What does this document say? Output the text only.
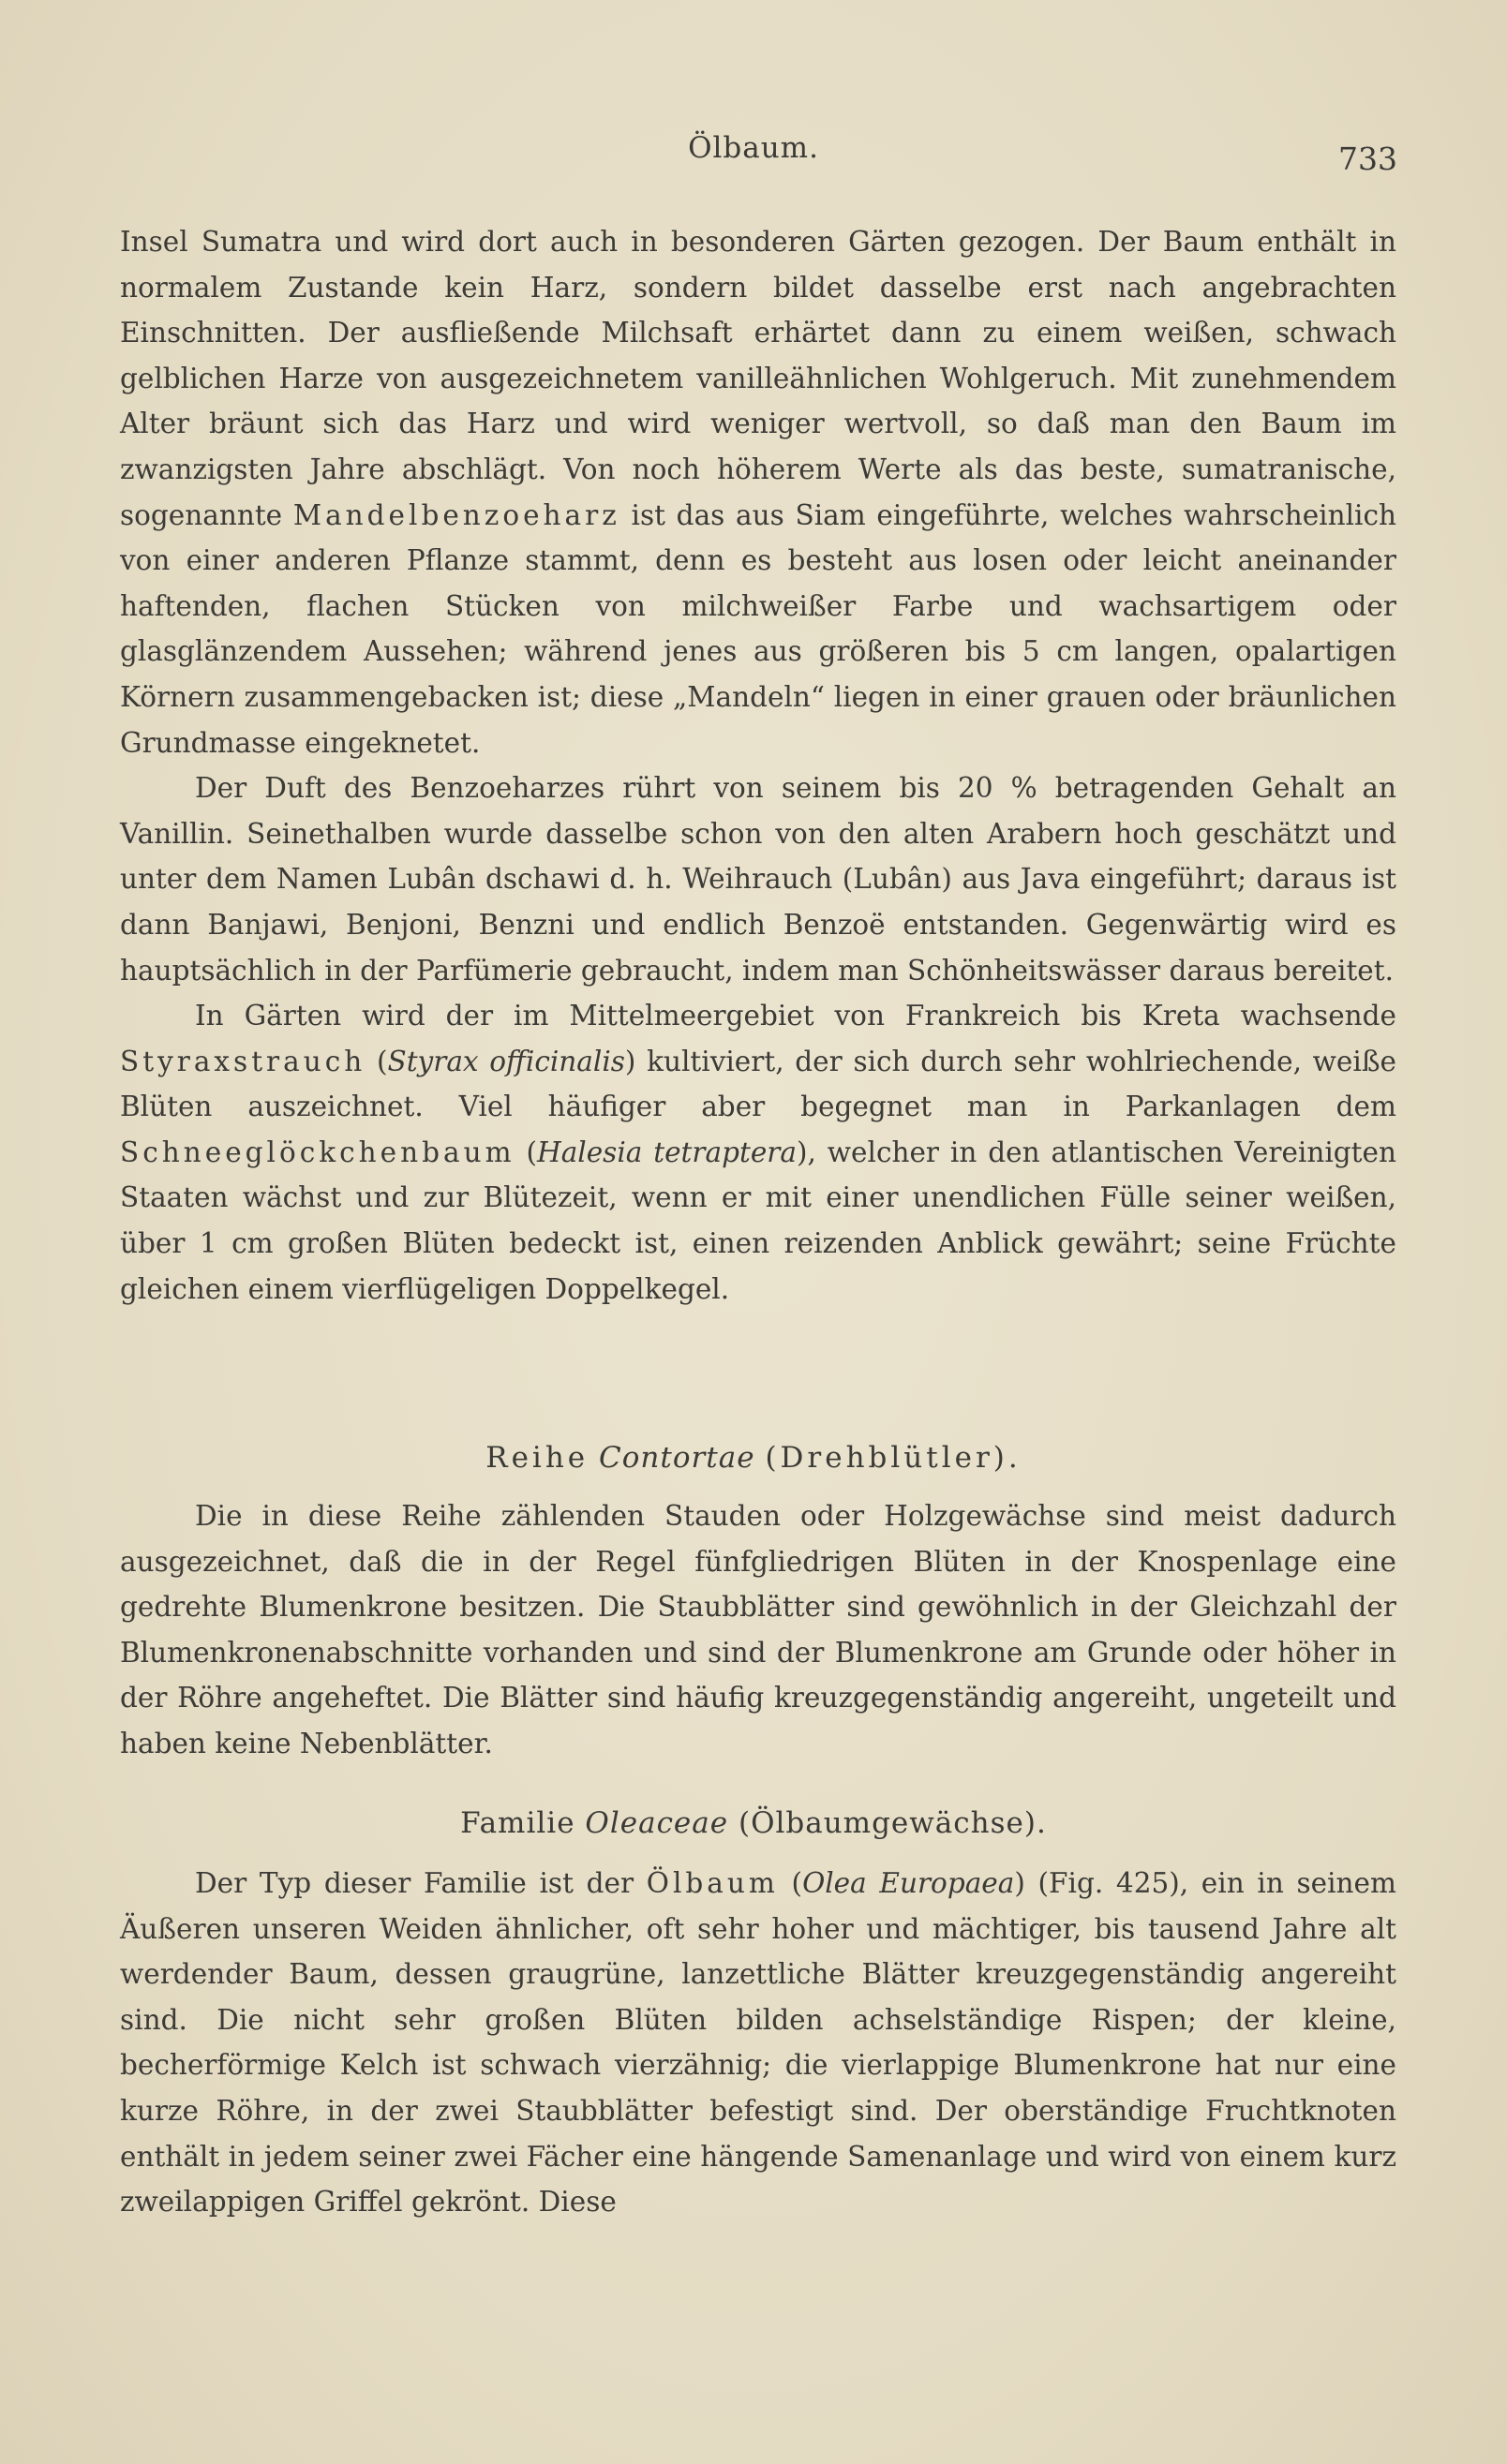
Ölbaum.	733

Insel Sumatra und wird dort auch in besonderen Gärten gezogen. Der Baum enthält in normalem Zustande kein Harz, sondern bildet dasselbe erst nach angebrachten Einschnitten. Der ausfließende Milchsaft erhärtet dann zu einem weißen, schwach gelblichen Harze von ausgezeichnetem vanilleähnlichen Wohlgeruch. Mit zunehmendem Alter bräunt sich das Harz und wird weniger wertvoll, so daß man den Baum im zwanzigsten Jahre abschlägt. Von noch höherem Werte als das beste, sumatranische, sogenannte Mandelbenzoeharz ist das aus Siam eingeführte, welches wahrscheinlich von einer anderen Pflanze stammt, denn es besteht aus losen oder leicht aneinander haftenden, flachen Stücken von milchweißer Farbe und wachsartigem oder glasglänzendem Aussehen; während jenes aus größeren bis 5 cm langen, opalartigen Körnern zusammengebacken ist; diese „Mandeln“ liegen in einer grauen oder bräunlichen Grundmasse eingeknetet.

Der Duft des Benzoeharzes rührt von seinem bis 20 % betragenden Gehalt an Vanillin. Seinethalben wurde dasselbe schon von den alten Arabern hoch geschätzt und unter dem Namen Lubân dschawi d. h. Weihrauch (Lubân) aus Java eingeführt; daraus ist dann Banjawi, Benjoni, Benzni und endlich Benzoë entstanden. Gegenwärtig wird es hauptsächlich in der Parfümerie gebraucht, indem man Schönheitswässer daraus bereitet.

In Gärten wird der im Mittelmeergebiet von Frankreich bis Kreta wachsende Styraxstrauch (Styrax officinalis) kultiviert, der sich durch sehr wohlriechende, weiße Blüten auszeichnet. Viel häufiger aber begegnet man in Parkanlagen dem Schneeglöckchenbaum (Halesia tetraptera), welcher in den atlantischen Vereinigten Staaten wächst und zur Blütezeit, wenn er mit einer unendlichen Fülle seiner weißen, über 1 cm großen Blüten bedeckt ist, einen reizenden Anblick gewährt; seine Früchte gleichen einem vierflügeligen Doppelkegel.

Reihe Contortae (Drehblütler).

Die in diese Reihe zählenden Stauden oder Holzgewächse sind meist dadurch ausgezeichnet, daß die in der Regel fünfgliedrigen Blüten in der Knospenlage eine gedrehte Blumenkrone besitzen. Die Staubblätter sind gewöhnlich in der Gleichzahl der Blumenkronenabschnitte vorhanden und sind der Blumenkrone am Grunde oder höher in der Röhre angeheftet. Die Blätter sind häufig kreuzgegenständig angereiht, ungeteilt und haben keine Nebenblätter.

Familie Oleaceae (Ölbaumgewächse).

Der Typ dieser Familie ist der Ölbaum (Olea Europaea) (Fig. 425), ein in seinem Äußeren unseren Weiden ähnlicher, oft sehr hoher und mächtiger, bis tausend Jahre alt werdender Baum, dessen graugrüne, lanzettliche Blätter kreuzgegenständig angereiht sind. Die nicht sehr großen Blüten bilden achselständige Rispen; der kleine, becherförmige Kelch ist schwach vierzähnig; die vierlappige Blumenkrone hat nur eine kurze Röhre, in der zwei Staubblätter befestigt sind. Der oberständige Fruchtknoten enthält in jedem seiner zwei Fächer eine hängende Samenanlage und wird von einem kurz zweilappigen Griffel gekrönt. Diese
